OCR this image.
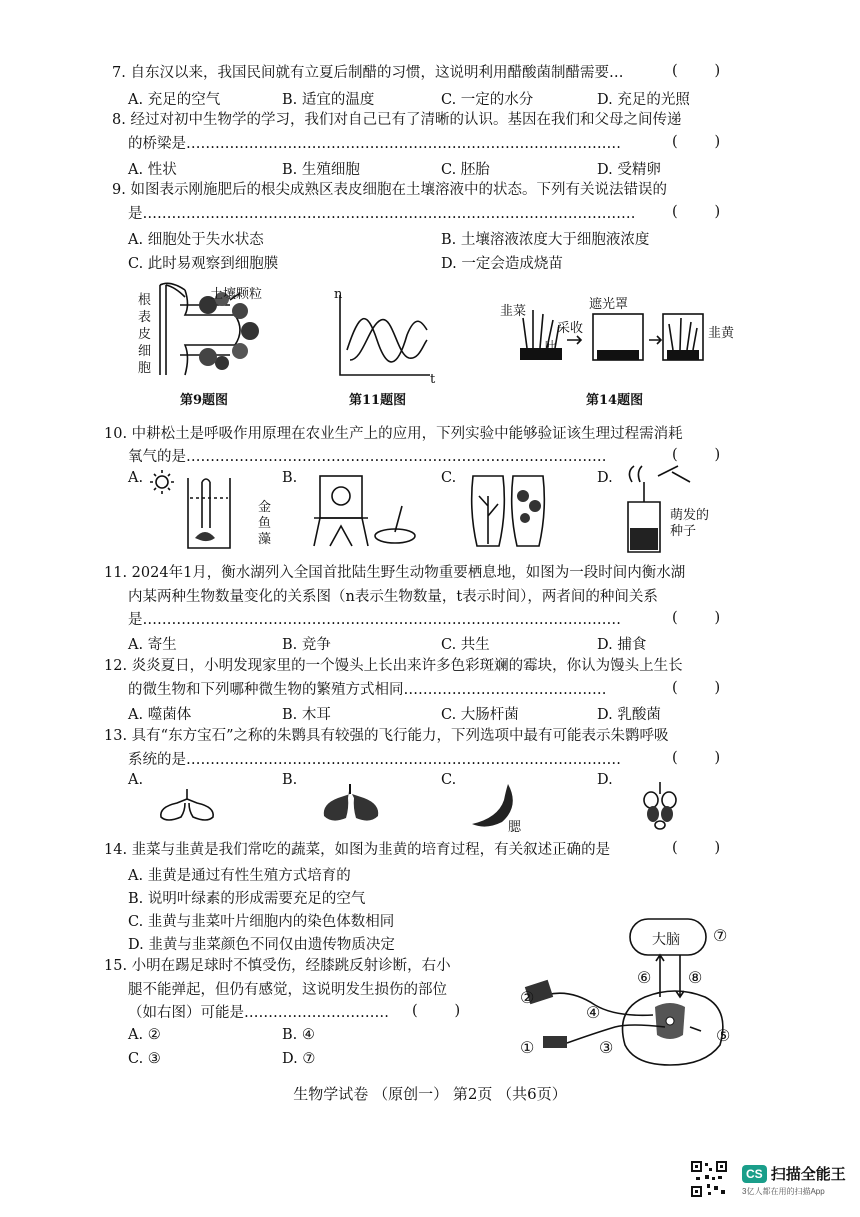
7. 自东汉以来，我国民间就有立夏后制醋的习惯，这说明利用醋酸菌制醋需要…	(        )
A. 充足的空气	B. 适宜的温度	C. 一定的水分	D. 充足的光照
8. 经过对初中生物学的学习，我们对自己已有了清晰的认识。基因在我们和父母之间传递
的桥梁是………………………………………………………………………………	(        )
A. 性状	B. 生殖细胞	C. 胚胎	D. 受精卵
9. 如图表示刚施肥后的根尖成熟区表皮细胞在土壤溶液中的状态。下列有关说法错误的
是…………………………………………………………………………………………	(        )
A. 细胞处于失水状态	B. 土壤溶液浓度大于细胞液浓度
C. 此时易观察到细胞膜	D. 一定会造成烧苗
土壤颗粒
根表皮细胞
第9题图
n
t
第11题图
韭菜	遮光罩
采收
叶
韭黄
第14题图
10. 中耕松土是呼吸作用原理在农业生产上的应用，下列实验中能够验证该生理过程需消耗
氧气的是……………………………………………………………………………	(        )
A.	B.	C.	D.
金鱼藻
萌发的种子
11. 2024年1月，衡水湖列入全国首批陆生野生动物重要栖息地，如图为一段时间内衡水湖
内某两种生物数量变化的关系图（n表示生物数量，t表示时间），两者间的种间关系
是………………………………………………………………………………………	(        )
A. 寄生	B. 竞争	C. 共生	D. 捕食
12. 炎炎夏日，小明发现家里的一个馒头上长出来许多色彩斑斓的霉块，你认为馒头上生长
的微生物和下列哪种微生物的繁殖方式相同……………………………………	(        )
A. 噬菌体	B. 木耳	C. 大肠杆菌	D. 乳酸菌
13. 具有“东方宝石”之称的朱鹮具有较强的飞行能力，下列选项中最有可能表示朱鹮呼吸
系统的是………………………………………………………………………………	(        )
A.	B.	C.	D.
腮
14. 韭菜与韭黄是我们常吃的蔬菜，如图为韭黄的培育过程，有关叙述正确的是	(        )
A. 韭黄是通过有性生殖方式培育的
B. 说明叶绿素的形成需要充足的空气
C. 韭黄与韭菜叶片细胞内的染色体数相同
D. 韭黄与韭菜颜色不同仅由遗传物质决定
15. 小明在踢足球时不慎受伤，经膝跳反射诊断，右小
腿不能弹起，但仍有感觉，这说明发生损伤的部位
（如右图）可能是………………………… (        )
A. ②	B. ④
C. ③	D. ⑦
大脑
①
②
③
④
⑤
⑥
⑦
⑧
生物学试卷 （原创一） 第2页 （共6页）
CS 扫描全能王
3亿人都在用的扫描App
